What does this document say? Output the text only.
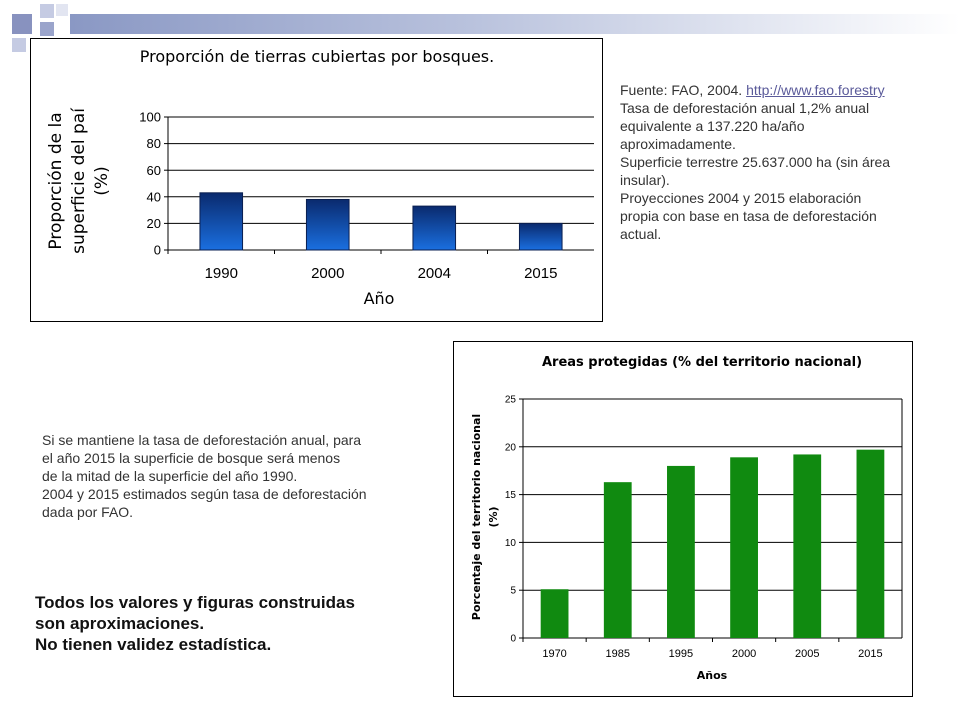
Proporción de tierras cubiertas por bosques.
0
20
40
60
80
100
1990	2000	2004	2015
Año
Proporción de la superficie del paí (%)
Fuente: FAO, 2004. http://www.fao.forestry
Tasa de deforestación anual 1,2% anual
equivalente a 137.220 ha/año
aproximadamente.
Superficie terrestre 25.637.000 ha (sin área
insular).
Proyecciones 2004 y 2015 elaboración
propia con base en tasa de deforestación
actual.
Si se mantiene la tasa de deforestación anual, para
el año 2015 la superficie de bosque será menos
de la mitad de la superficie del año 1990.
2004 y 2015 estimados según tasa de deforestación
dada por FAO.
Todos los valores y figuras construidas
son aproximaciones.
No tienen validez estadística.
Areas protegidas (% del territorio nacional)
0
5
10
15
20
25
1970	1985	1995	2000	2005	2015
Años
Porcentaje del territorio nacional (%)
